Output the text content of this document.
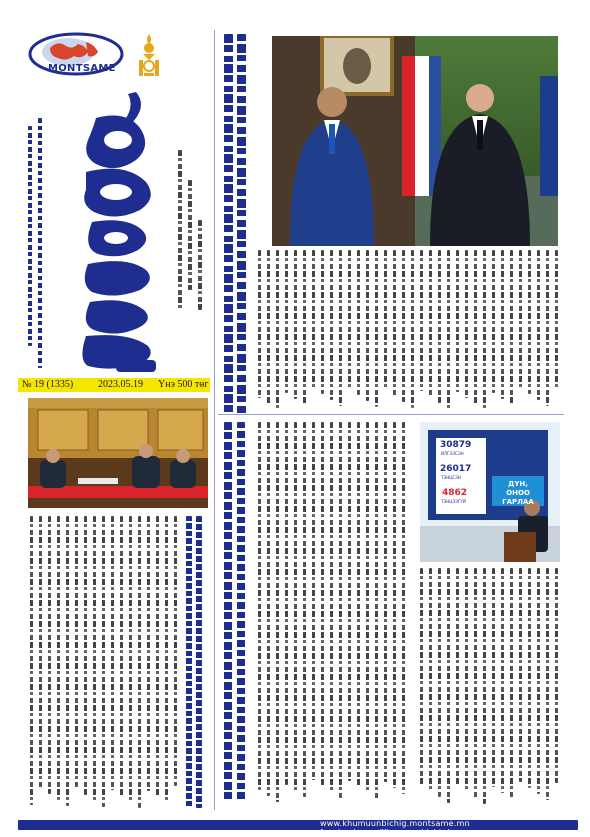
MONTSAME
№ 19 (1335) 2023.05.19 Үнэ 500 төг
30879
ИЛГЭЭСЭН
26017
ТЭНЦСЭН
4862
ТЭНЦЭЭГҮЙ
ДҮН, ОНОО ГАРЛАА
www.khumuunbichig.montsame.mn  facebook.com/Khumuunbichig/
